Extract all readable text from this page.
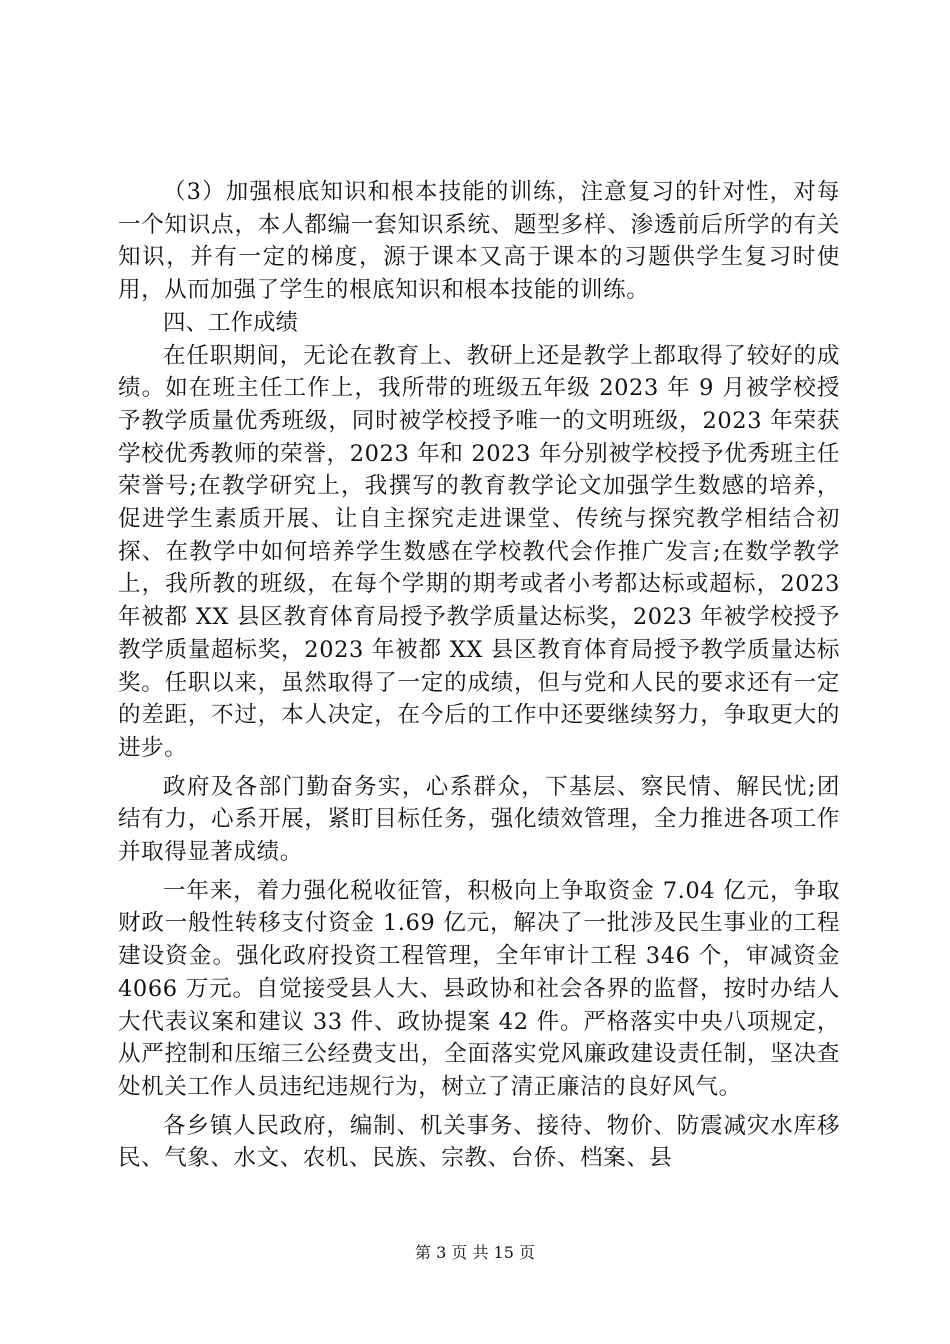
（3）加强根底知识和根本技能的训练，注意复习的针对性，对每一个知识点，本人都编一套知识系统、题型多样、渗透前后所学的有关知识，并有一定的梯度，源于课本又高于课本的习题供学生复习时使用，从而加强了学生的根底知识和根本技能的训练。

四、工作成绩

在任职期间，无论在教育上、教研上还是教学上都取得了较好的成绩。如在班主任工作上，我所带的班级五年级 2023 年 9 月被学校授予教学质量优秀班级，同时被学校授予唯一的文明班级，2023 年荣获学校优秀教师的荣誉，2023 年和 2023 年分别被学校授予优秀班主任荣誉号;在教学研究上，我撰写的教育教学论文加强学生数感的培养，促进学生素质开展、让自主探究走进课堂、传统与探究教学相结合初探、在教学中如何培养学生数感在学校教代会作推广发言;在数学教学上，我所教的班级，在每个学期的期考或者小考都达标或超标，2023 年被都 XX 县区教育体育局授予教学质量达标奖，2023 年被学校授予教学质量超标奖，2023 年被都 XX 县区教育体育局授予教学质量达标奖。任职以来，虽然取得了一定的成绩，但与党和人民的要求还有一定的差距，不过，本人决定，在今后的工作中还要继续努力，争取更大的进步。

政府及各部门勤奋务实，心系群众，下基层、察民情、解民忧;团结有力，心系开展，紧盯目标任务，强化绩效管理，全力推进各项工作并取得显著成绩。

一年来，着力强化税收征管，积极向上争取资金 7.04 亿元，争取财政一般性转移支付资金 1.69 亿元，解决了一批涉及民生事业的工程建设资金。强化政府投资工程管理，全年审计工程 346 个，审减资金 4066 万元。自觉接受县人大、县政协和社会各界的监督，按时办结人大代表议案和建议 33 件、政协提案 42 件。严格落实中央八项规定，从严控制和压缩三公经费支出，全面落实党风廉政建设责任制，坚决查处机关工作人员违纪违规行为，树立了清正廉洁的良好风气。

各乡镇人民政府，编制、机关事务、接待、物价、防震减灾水库移民、气象、水文、农机、民族、宗教、台侨、档案、县

第 3 页 共 15 页
